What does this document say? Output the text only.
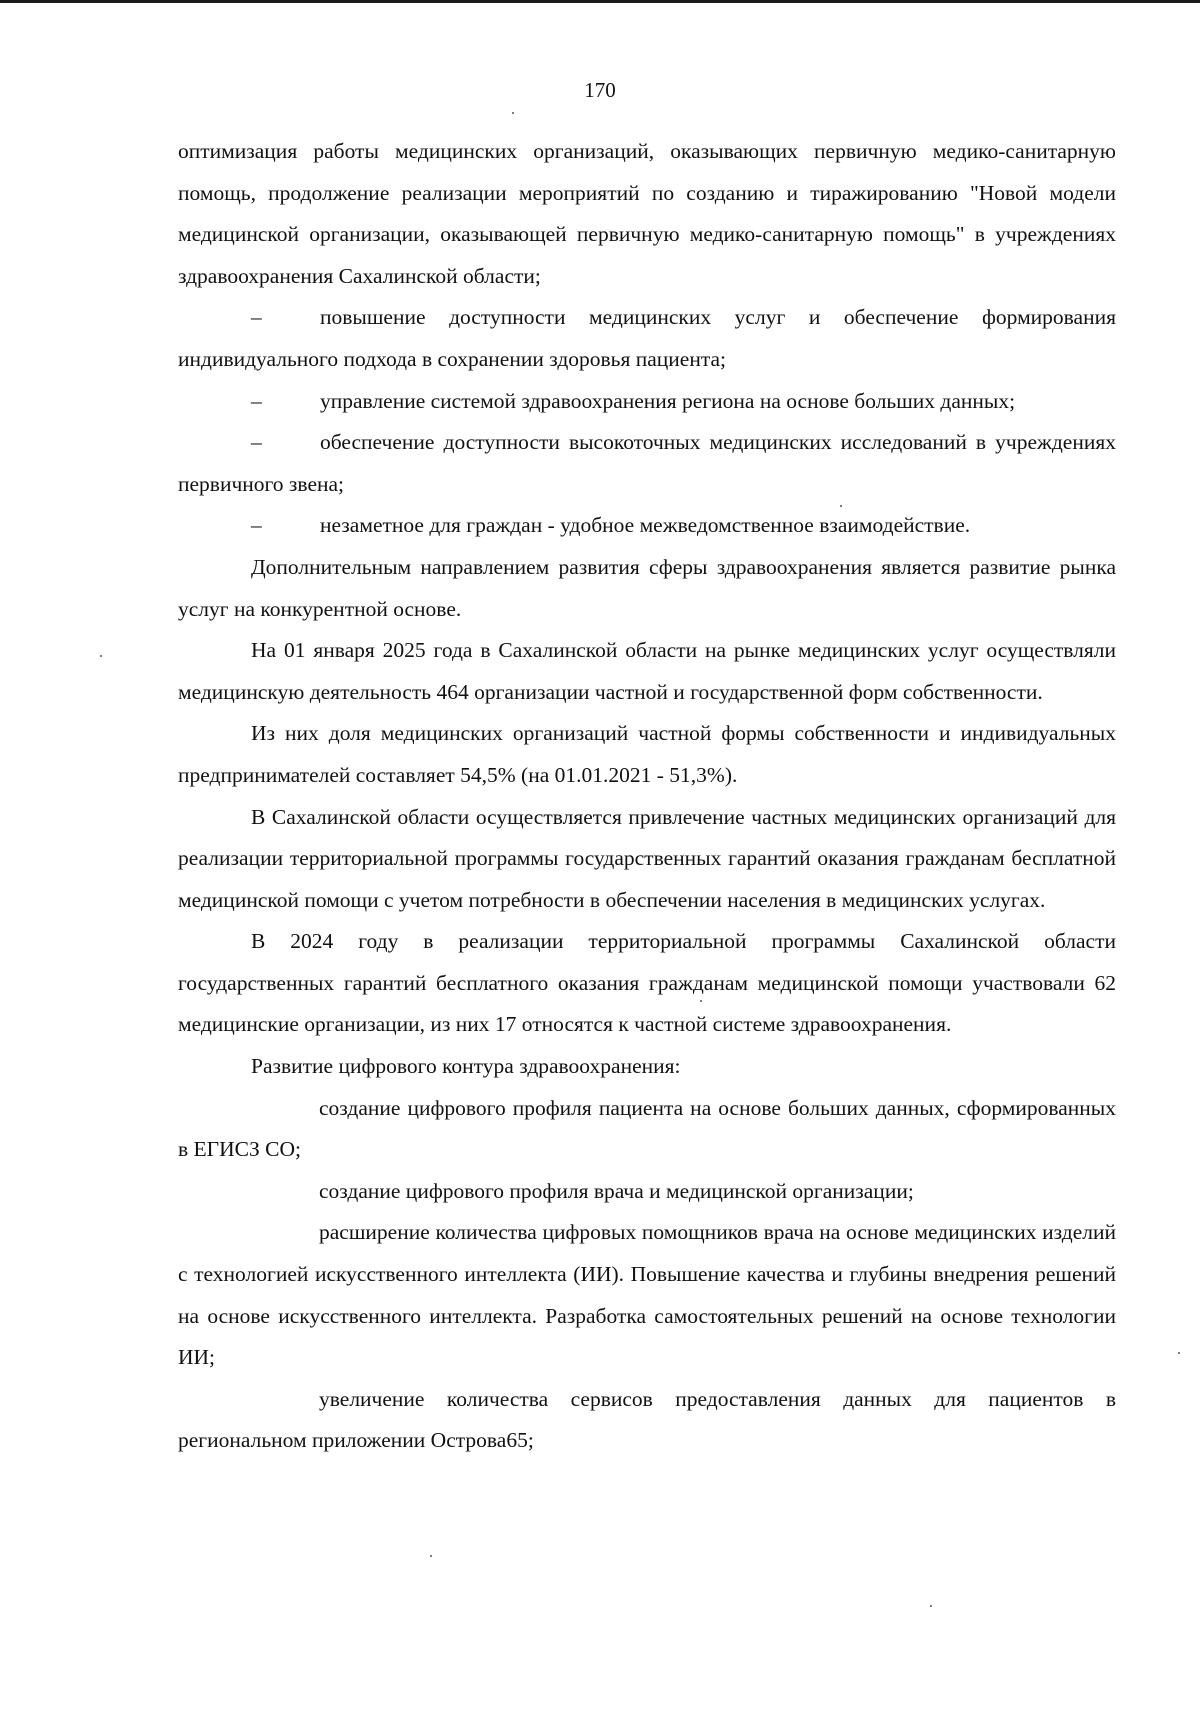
170

оптимизация работы медицинских организаций, оказывающих первичную медико-санитарную помощь, продолжение реализации мероприятий по созданию и тиражированию "Новой модели медицинской организации, оказывающей первичную медико-санитарную помощь" в учреждениях здравоохранения Сахалинской области;

–	повышение доступности медицинских услуг и обеспечение формирования индивидуального подхода в сохранении здоровья пациента;

–	управление системой здравоохранения региона на основе больших данных;

–	обеспечение доступности высокоточных медицинских исследований в учреждениях первичного звена;

–	незаметное для граждан - удобное межведомственное взаимодействие.

Дополнительным направлением развития сферы здравоохранения является развитие рынка услуг на конкурентной основе.

На 01 января 2025 года в Сахалинской области на рынке медицинских услуг осуществляли медицинскую деятельность 464 организации частной и государственной форм собственности.

Из них доля медицинских организаций частной формы собственности и индивидуальных предпринимателей составляет 54,5% (на 01.01.2021 - 51,3%).

В Сахалинской области осуществляется привлечение частных медицинских организаций для реализации территориальной программы государственных гарантий оказания гражданам бесплатной медицинской помощи с учетом потребности в обеспечении населения в медицинских услугах.

В 2024 году в реализации территориальной программы Сахалинской области государственных гарантий бесплатного оказания гражданам медицинской помощи участвовали 62 медицинские организации, из них 17 относятся к частной системе здравоохранения.

Развитие цифрового контура здравоохранения:

создание цифрового профиля пациента на основе больших данных, сформированных в ЕГИСЗ СО;

создание цифрового профиля врача и медицинской организации;

расширение количества цифровых помощников врача на основе медицинских изделий с технологией искусственного интеллекта (ИИ). Повышение качества и глубины внедрения решений на основе искусственного интеллекта. Разработка самостоятельных решений на основе технологии ИИ;

увеличение количества сервисов предоставления данных для пациентов в региональном приложении Острова65;
